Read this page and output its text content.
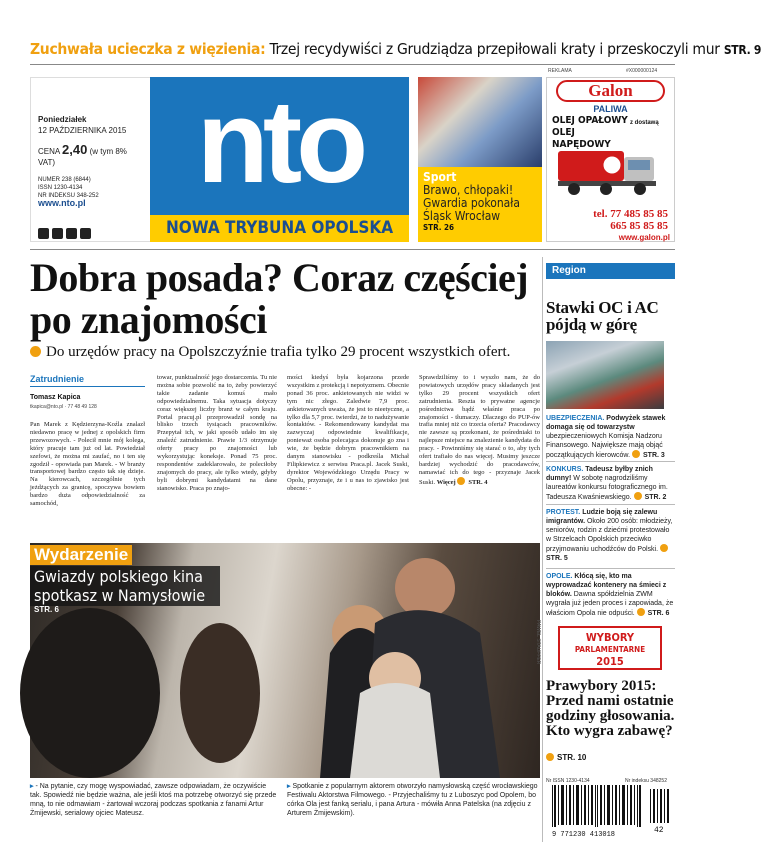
Zuchwała ucieczka z więzienia: Trzej recydywiści z Grudziądza przepiłowali kraty i przeskoczyli mur STR. 9
nto
NOWA TRYBUNA OPOLSKA
Poniedziałek
12 PAŹDZIERNIKA 2015
CENA 2,40 (w tym 8% VAT)
NUMER 238 (6844)
ISSN 1230-4134
NR INDEKSU 348-252
www.nto.pl
Sport
Brawo, chłopaki! Gwardia pokonała Śląsk Wrocław
STR. 26
REKLAMA	#X000000124
Galon
PALIWA
OLEJ OPAŁOWY
OLEJ NAPĘDOWY
z dostawą
tel. 77 485 85 85
665 85 85 85
www.galon.pl
Dobra posada? Coraz częściej po znajomości
Do urzędów pracy na Opolszczyźnie trafia tylko 29 procent wszystkich ofert.
Zatrudnienie
Tomasz Kapica
tkapica@nto.pl · 77 48 49 128
Pan Marek z Kędzierzyna-Koźla znalazł niedawno pracę w jednej z opolskich firm przewozowych. - Polecił mnie mój kolega, który pracuje tam już od lat. Powiedział szefowi, że można mi zaufać, no i ten się zgodził - opowiada pan Marek. - W branży transportowej bardzo często tak się dzieje. Na kierowcach, szczególnie tych jeżdżących za granicę, spoczywa bowiem bardzo duża odpowiedzialność za samochód,
towar, punktualność jego dostarczenia. Tu nie można sobie pozwolić na to, żeby powierzyć takie zadanie komuś mało odpowiedzialnemu. Taka sytuacja dotyczy coraz większej liczby branż w całym kraju. Portal pracuj.pl przeprowadził sondę na blisko trzech tysiącach pracowników. Przepytał ich, w jaki sposób udało im się znaleźć zatrudnienie. Prawie 1/3 otrzymuje oferty pracy po znajomości lub wykorzystując koneksje. Ponad 75 proc. respondentów zadeklarowało, że poleciłoby znajomych do pracy, ale tylko wtedy, gdyby byli dobrymi kandydatami na dane stanowisko. Praca po znajo-
mości kiedyś była kojarzona przede wszystkim z protekcją i nepotyzmem. Obecnie ponad 36 proc. ankietowanych nie widzi w tym nic złego. Zaledwie 7,9 proc. ankietowanych uważa, że jest to nieetyczne, a tylko dla 5,7 proc. twierdzi, że to nadużywanie kontaktów. - Rekomendowany kandydat ma zazwyczaj odpowiednie kwalifikacje, ponieważ osoba polecająca dokonuje go zna i wie, że będzie dobrym pracownikiem na danym stanowisku - podkreśla Michał Filipkiewicz z serwisu Praca.pl. Jacek Suski, dyrektor Wojewódzkiego Urzędu Pracy w Opolu, przyznaje, że i u nas to zjawisko jest obecne: -
Sprawdziliśmy to i wyszło nam, że do powiatowych urzędów pracy składanych jest tylko 29 procent wszystkich ofert zatrudnienia. Reszta to prywatne agencje pośrednictwa bądź właśnie praca po znajomości - tłumaczy. Dlaczego do PUP-ów trafia mniej niż co trzecia oferta? Pracodawcy nie zawsze są przekonani, że pośredniaki to najlepsze miejsce na znalezienie kandydata do pracy. - Powinniśmy się starać o to, aby tych ofert trafiało do nas więcej. Musimy jeszcze bardziej wychodzić do pracodawców, namawiać ich do tego - przyznaje Jacek Suski. Więcej STR. 4
Wydarzenie
Gwiazdy polskiego kina spotkasz w Namysłowie
STR. 6
PAWEŁ STAUFFER
▸ - Na pytanie, czy mogę wyspowiadać, zawsze odpowiadam, że oczywiście tak. Spowiedź nie będzie ważna, ale jeśli ktoś ma potrzebę otworzyć się przede mną, to nie odmawiam - żartował wczoraj podczas spotkania z fanami Artur Żmijewski, serialowy ojciec Mateusz.
▸ Spotkanie z popularnym aktorem otworzyło namysłowską część wrocławskiego Festiwalu Aktorstwa Filmowego. - Przyjechaliśmy tu z Luboszyc pod Opolem, bo córka Ola jest fanką serialu, i pana Artura - mówiła Anna Patelska (na zdjęciu z Arturem Żmijewskim).
Region
Stawki OC i AC pójdą w górę
UBEZPIECZENIA. Podwyżek stawek domaga się od towarzystw ubezpieczeniowych Komisja Nadzoru Finansowego. Największe mają objąć początkujących kierowców. STR. 3
KONKURS. Tadeusz byłby znich dumny! W sobotę nagrodziliśmy laureatów konkursu fotograficznego im. Tadeusza Kwaśniewskiego. STR. 2
PROTEST. Ludzie boją się zalewu imigrantów. Około 200 osób: młodzieży, seniorów, rodzin z dziećmi protestowało w Strzelcach Opolskich przeciwko przyjmowaniu uchodźców do Polski. STR. 5
OPOLE. Kłócą się, kto ma wyprowadzać kontenery na śmieci z bloków. Dawna spółdzielnia ZWM wygrała już jeden proces i zapowiada, że właściom Opola nie odpuści. STR. 6
WYBORY
PARLAMENTARNE
2015
Prawybory 2015: Przed nami ostatnie godziny głosowania. Kto wygra zabawę?
STR. 10
Nr ISSN 1230-4134	Nr indeksu 348252
9 771230 413018	42
